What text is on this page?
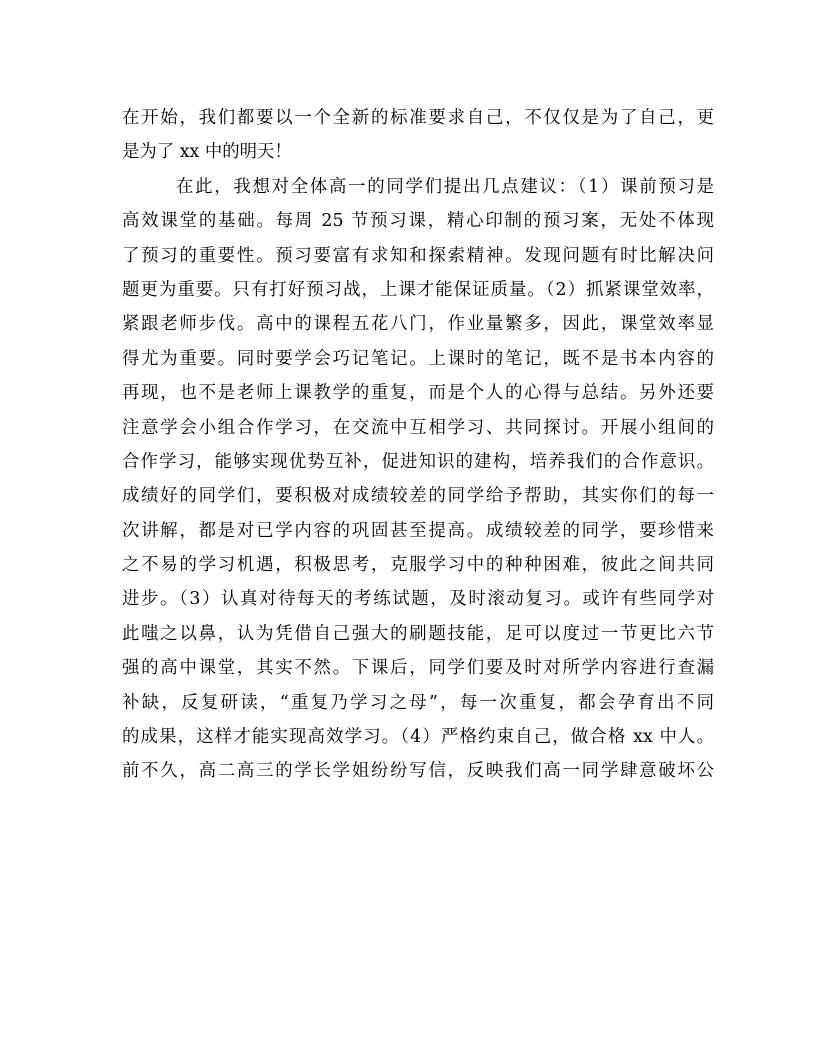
在开始，我们都要以一个全新的标准要求自己，不仅仅是为了自己，更
是为了 xx 中的明天！
在此，我想对全体高一的同学们提出几点建议：（1）课前预习是
高效课堂的基础。每周 25 节预习课，精心印制的预习案，无处不体现
了预习的重要性。预习要富有求知和探索精神。发现问题有时比解决问
题更为重要。只有打好预习战，上课才能保证质量。（2）抓紧课堂效率，
紧跟老师步伐。高中的课程五花八门，作业量繁多，因此，课堂效率显
得尤为重要。同时要学会巧记笔记。上课时的笔记，既不是书本内容的
再现，也不是老师上课教学的重复，而是个人的心得与总结。另外还要
注意学会小组合作学习，在交流中互相学习、共同探讨。开展小组间的
合作学习，能够实现优势互补，促进知识的建构，培养我们的合作意识。
成绩好的同学们，要积极对成绩较差的同学给予帮助，其实你们的每一
次讲解，都是对已学内容的巩固甚至提高。成绩较差的同学，要珍惜来
之不易的学习机遇，积极思考，克服学习中的种种困难，彼此之间共同
进步。（3）认真对待每天的考练试题，及时滚动复习。或许有些同学对
此嗤之以鼻，认为凭借自己强大的刷题技能，足可以度过一节更比六节
强的高中课堂，其实不然。下课后，同学们要及时对所学内容进行查漏
补缺，反复研读，“重复乃学习之母”，每一次重复，都会孕育出不同
的成果，这样才能实现高效学习。（4）严格约束自己，做合格 xx 中人。
前不久，高二高三的学长学姐纷纷写信，反映我们高一同学肆意破坏公
